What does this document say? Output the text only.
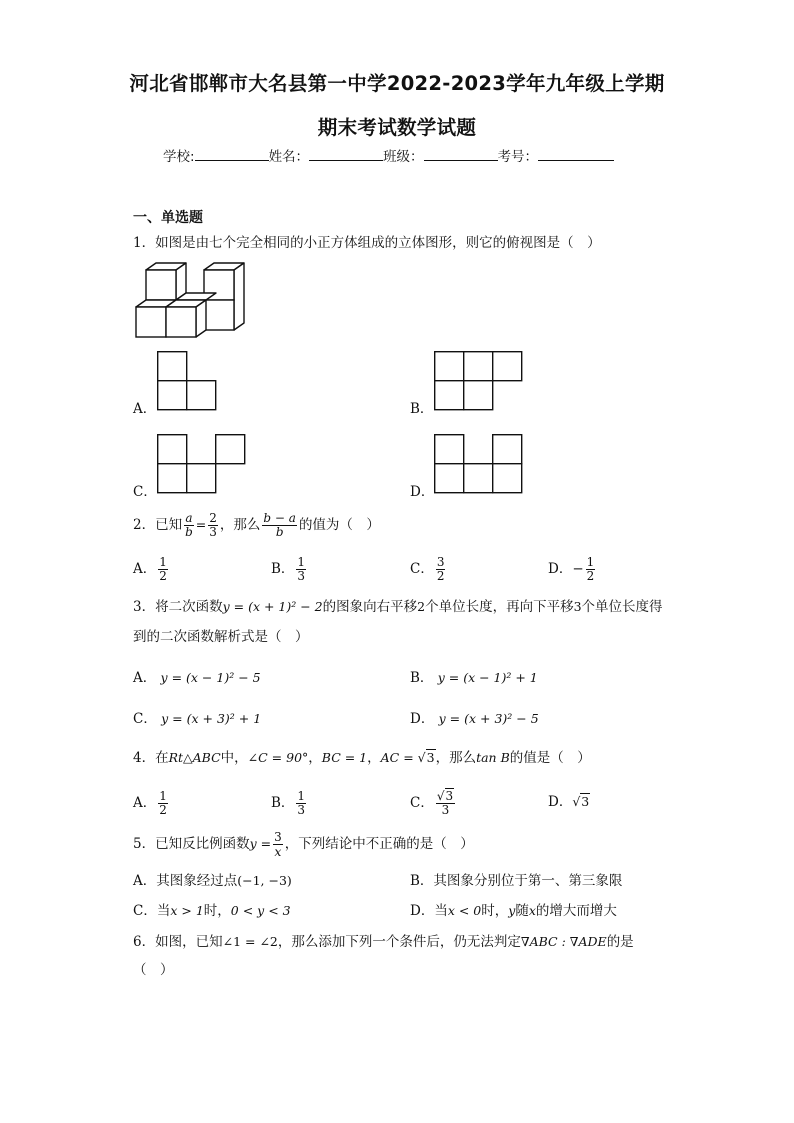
河北省邯郸市大名县第一中学2022-2023学年九年级上学期
期末考试数学试题
学校:	姓名：	班级：	考号：
一、单选题
1．如图是由七个完全相同的小正方体组成的立体图形，则它的俯视图是（　）
A．	B．
C．	D．
2．已知 $\frac{a}{b} = \frac{2}{3}$ ，那么 $\frac{b - a}{b}$ 的值为（　）
A． $\frac{1}{2}$	B． $\frac{1}{3}$	C． $\frac{3}{2}$	D．− $\frac{1}{2}$
3．将二次函数y = (x + 1)² − 2的图象向右平移2个单位长度，再向下平移3个单位长度得
到的二次函数解析式是（　）
A． y = (x − 1)² − 5	B． y = (x − 1)² + 1
C． y = (x + 3)² + 1	D． y = (x + 3)² − 5
4．在Rt△ABC中，∠C = 90°，BC = 1，AC = √3，那么tan B的值是（　）
A． $\frac{1}{2}$	B． $\frac{1}{3}$	C． $\frac{√3}{3}$	D．√3
5．已知反比例函数$y = \frac{3}{x}$ ，下列结论中不正确的是（　）
A．其图象经过点(−1, −3)	B．其图象分别位于第一、第三象限
C．当x > 1时，0 < y < 3	D．当x < 0时，y随x的增大而增大
6．如图，已知∠1 = ∠2，那么添加下列一个条件后，仍无法判定∇ABC : ∇ADE的是
（　）
